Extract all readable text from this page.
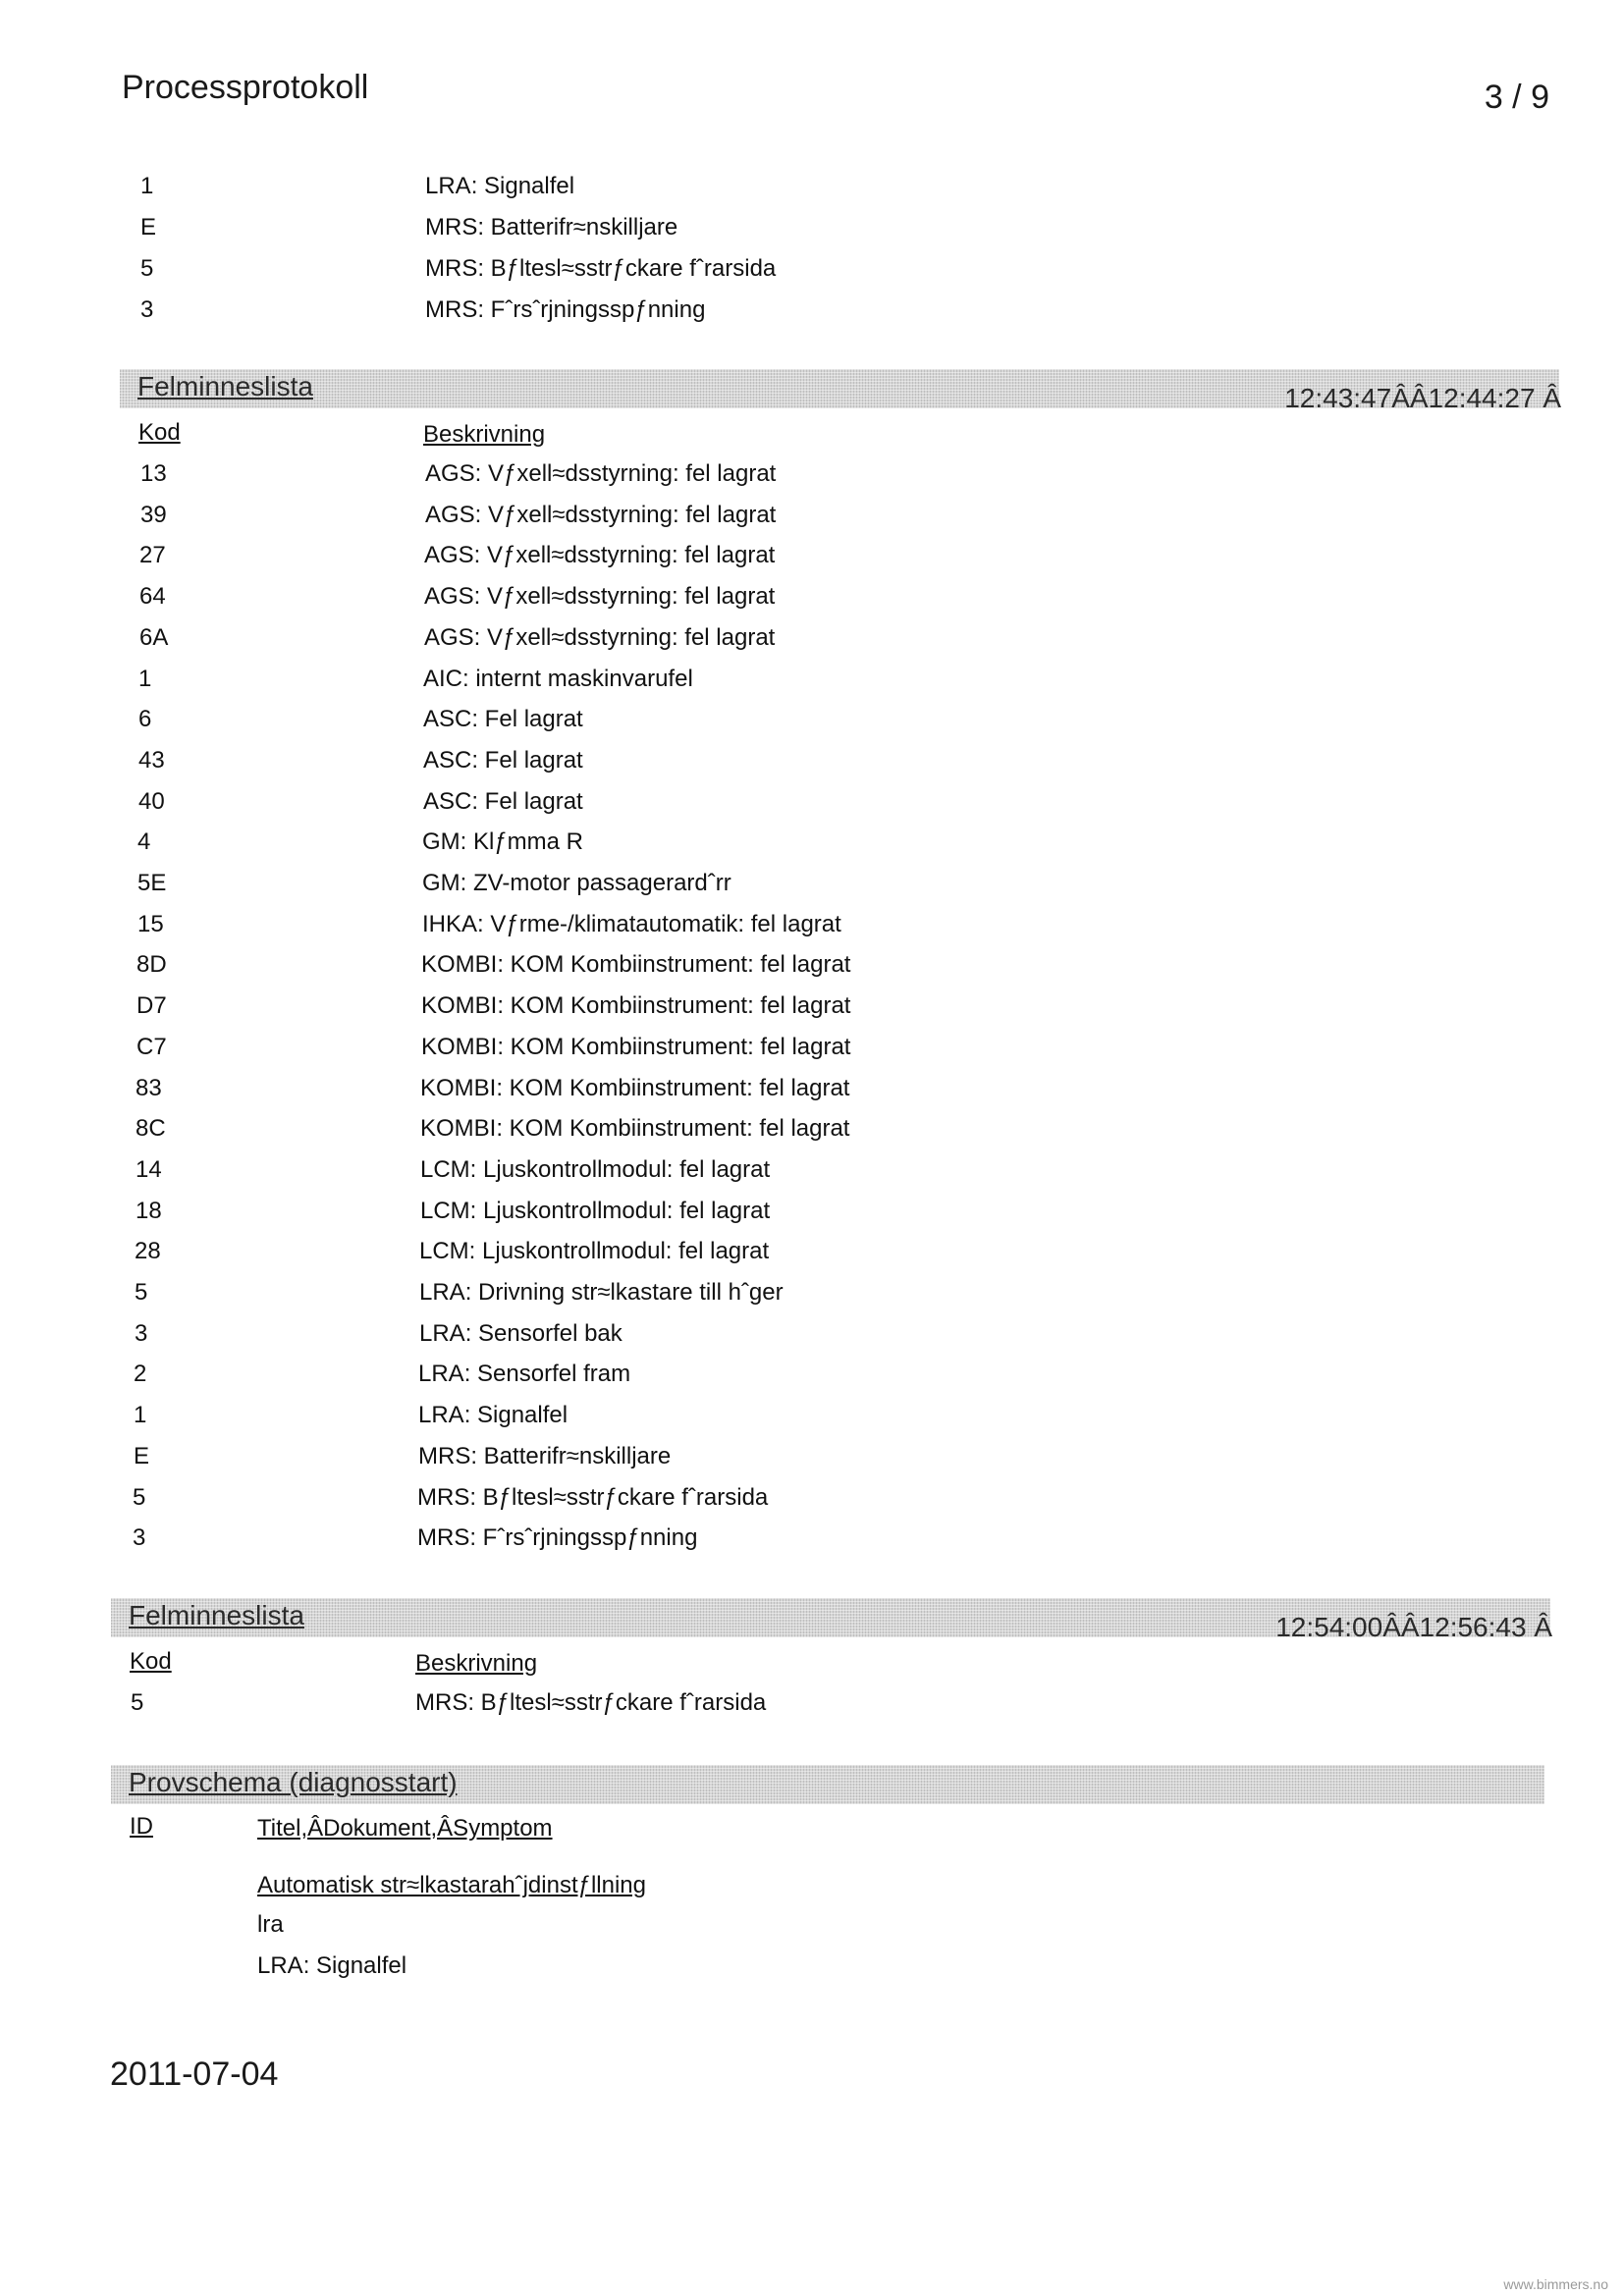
Processprotokoll	3 / 9
1	LRA: Signalfel
E	MRS: Batterifr≈nskilljare
5	MRS: Bƒltesl≈sstrƒckare fˆrarsida
3	MRS: Fˆrsˆrjningsspƒnning
Felminneslista	12:43:47ÂÂ12:44:27 Â
Kod	Beskrivning
13	AGS: Vƒxell≈dsstyrning: fel lagrat
39	AGS: Vƒxell≈dsstyrning: fel lagrat
27	AGS: Vƒxell≈dsstyrning: fel lagrat
64	AGS: Vƒxell≈dsstyrning: fel lagrat
6A	AGS: Vƒxell≈dsstyrning: fel lagrat
1	AIC: internt maskinvarufel
6	ASC: Fel lagrat
43	ASC: Fel lagrat
40	ASC: Fel lagrat
4	GM: Klƒmma R
5E	GM: ZV-motor passagerardˆrr
15	IHKA: Vƒrme-/klimatautomatik: fel lagrat
8D	KOMBI: KOM Kombiinstrument: fel lagrat
D7	KOMBI: KOM Kombiinstrument: fel lagrat
C7	KOMBI: KOM Kombiinstrument: fel lagrat
83	KOMBI: KOM Kombiinstrument: fel lagrat
8C	KOMBI: KOM Kombiinstrument: fel lagrat
14	LCM: Ljuskontrollmodul: fel lagrat
18	LCM: Ljuskontrollmodul: fel lagrat
28	LCM: Ljuskontrollmodul: fel lagrat
5	LRA: Drivning str≈lkastare till hˆger
3	LRA: Sensorfel bak
2	LRA: Sensorfel fram
1	LRA: Signalfel
E	MRS: Batterifr≈nskilljare
5	MRS: Bƒltesl≈sstrƒckare fˆrarsida
3	MRS: Fˆrsˆrjningsspƒnning
Felminneslista	12:54:00ÂÂ12:56:43 Â
Kod	Beskrivning
5	MRS: Bƒltesl≈sstrƒckare fˆrarsida
Provschema (diagnosstart)
ID	Titel,ÂDokument,ÂSymptom
Automatisk str≈lkastarahˆjdinstƒllning
lra
LRA: Signalfel
2011-07-04
www.bimmers.no
